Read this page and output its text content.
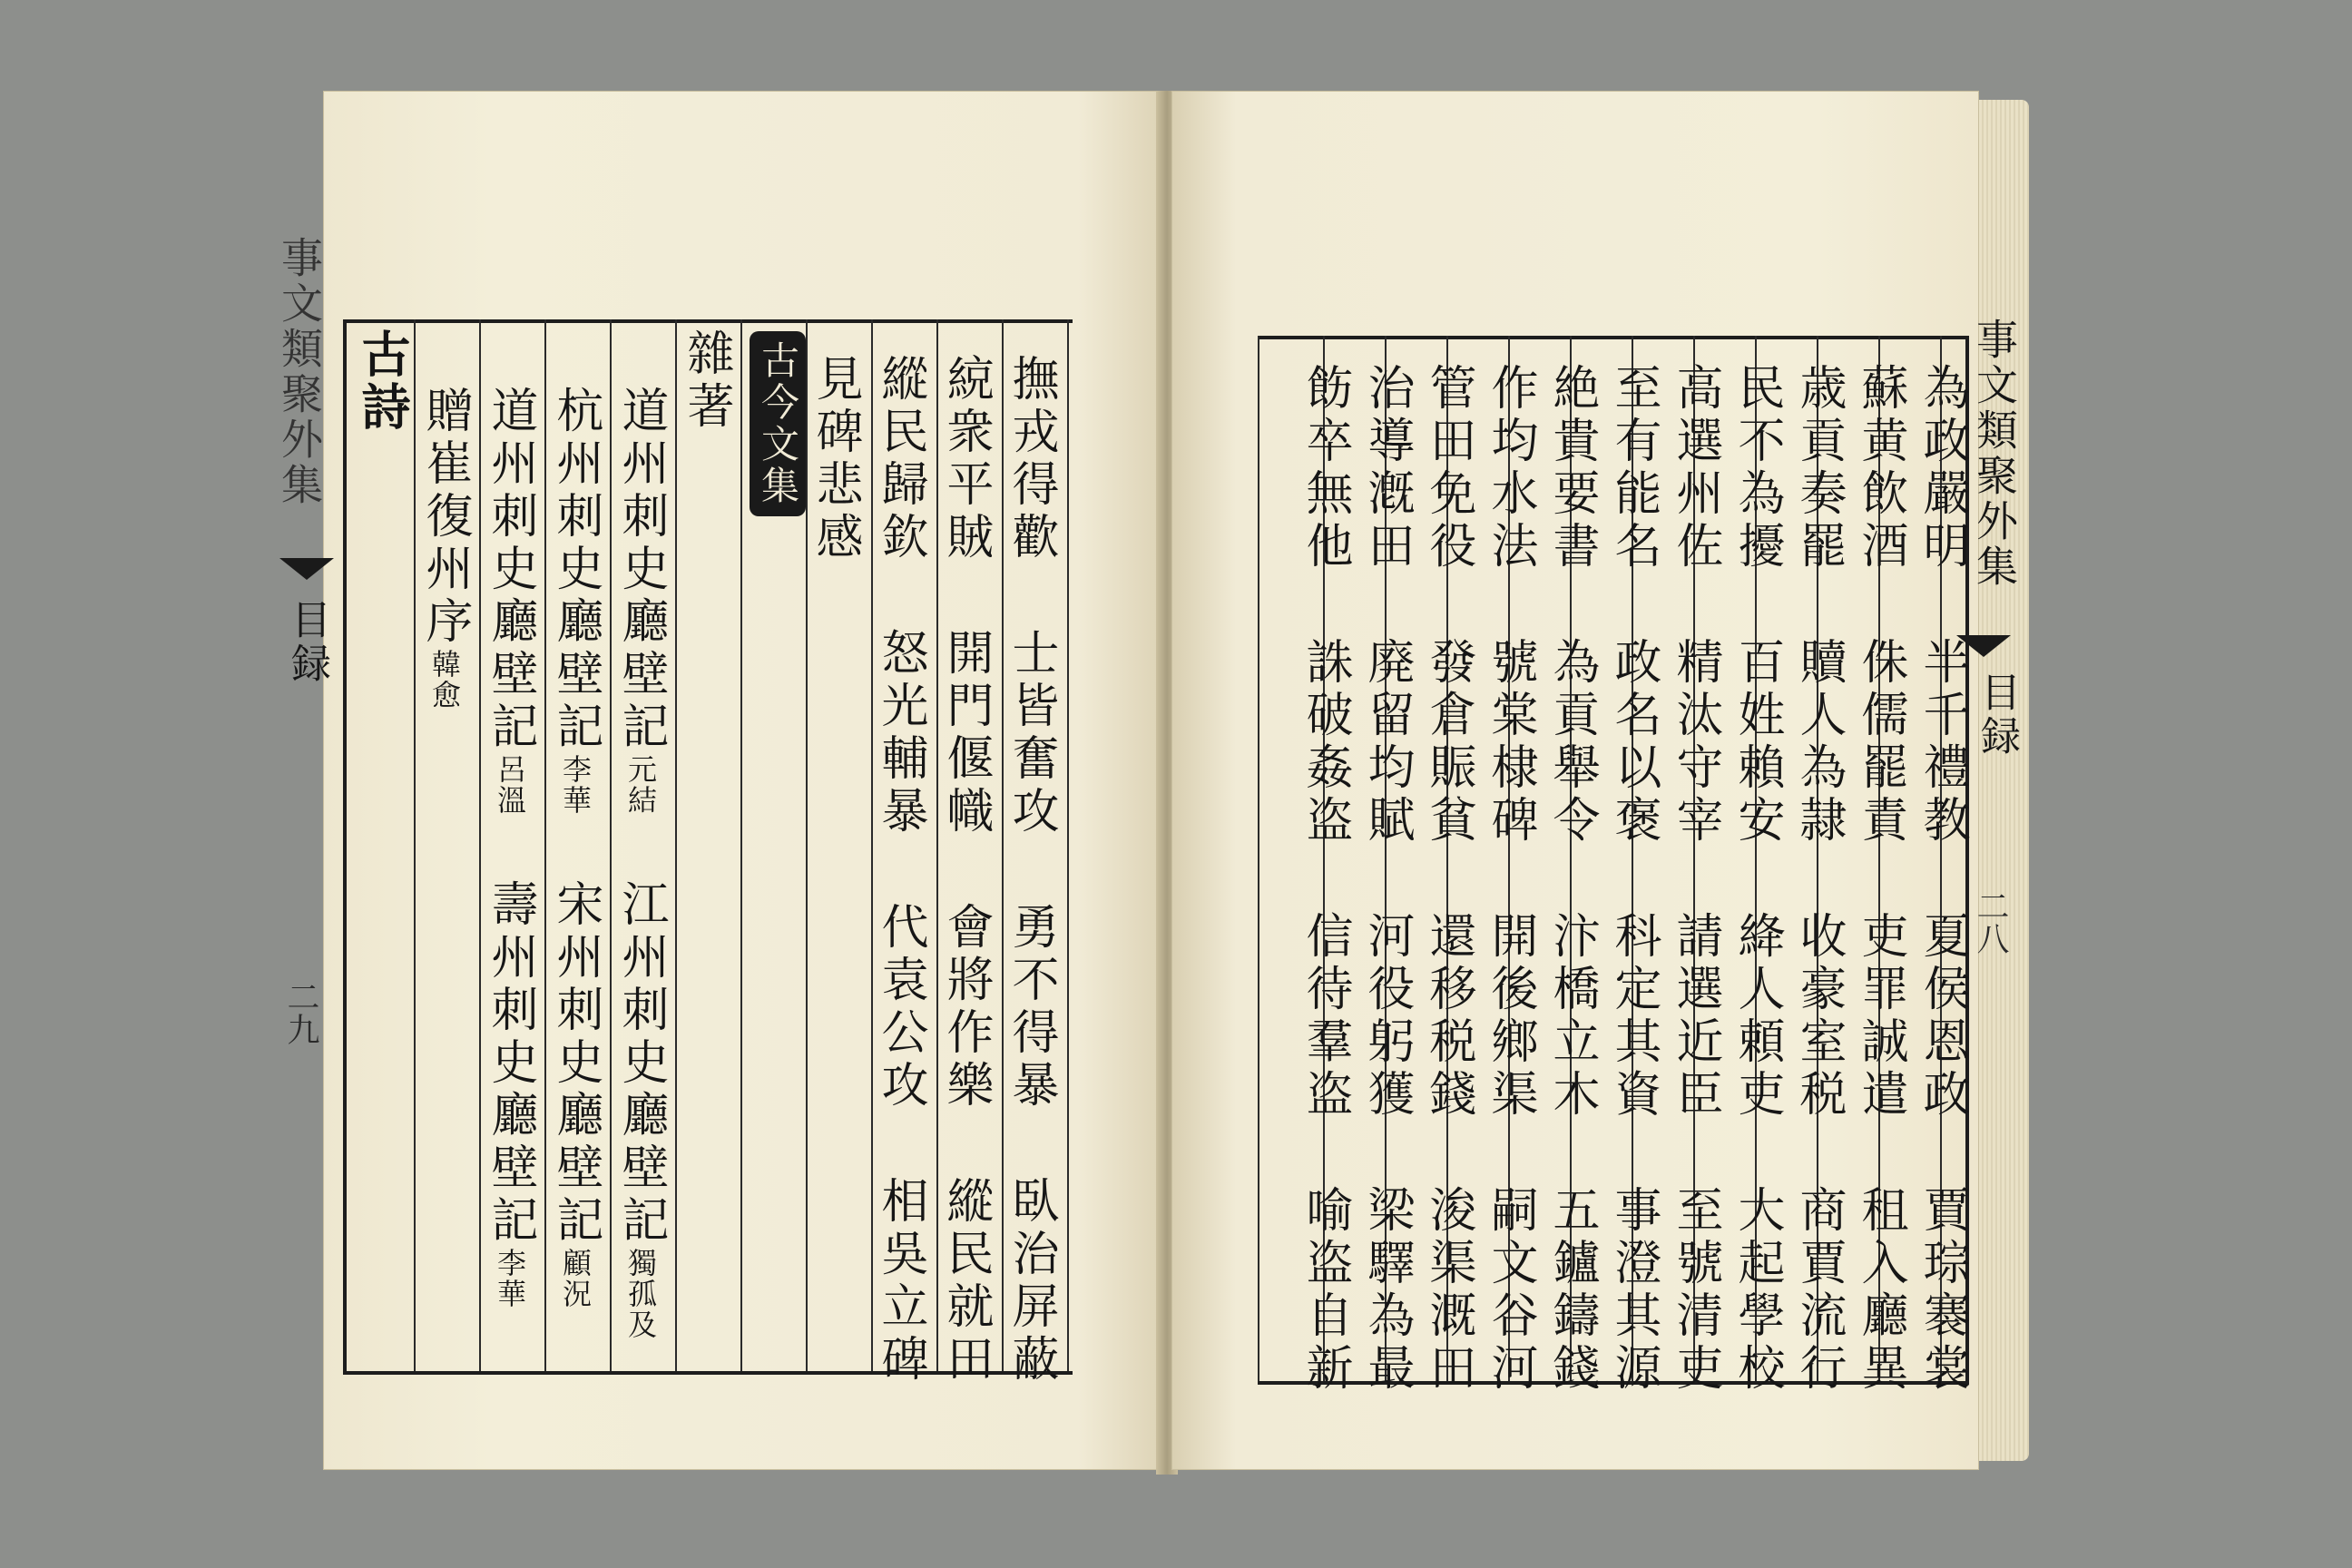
古詩
事文類聚外集
目録
二九
撫戎得歡士皆奮攻勇不得暴臥治屏蔽
綂衆平賊開門偃幟會將作樂縱民就田
縱民歸欽怒光輔暴代袁公攻相吳立碑
見碑悲感
古今文集
雜著
道州刺史廳壁記元結江州刺史廳壁記獨孤及
杭州刺史廳壁記李華宋州刺史廳壁記顧況
道州刺史廳壁記呂溫壽州刺史廳壁記李華
贈崔復州序韓愈
事文類聚外集
目録
二八
為政嚴明半千禮教夏侯恩政賈琮褰裳
蘇黄飲酒侏儒罷責吏罪誠遣租入廳異
歳貢奏罷贖人為隷收豪室税商賈流行
民不為擾百姓賴安絳人頼吏大起學校
高選州佐精汰守宰請選近臣至號清吏
至有能名政名以褒科定其資事澄其源
絶貴要書為貢舉令汴橋立木五鑪鑄錢
作均水法號棠棣碑開後鄉渠嗣文谷河
管田免役發倉賑貧還移税錢浚渠溉田
治導漑田廃留均賦河役躬獲梁驛為最
飭卒無他誅破姦盗信待羣盗喻盗自新
